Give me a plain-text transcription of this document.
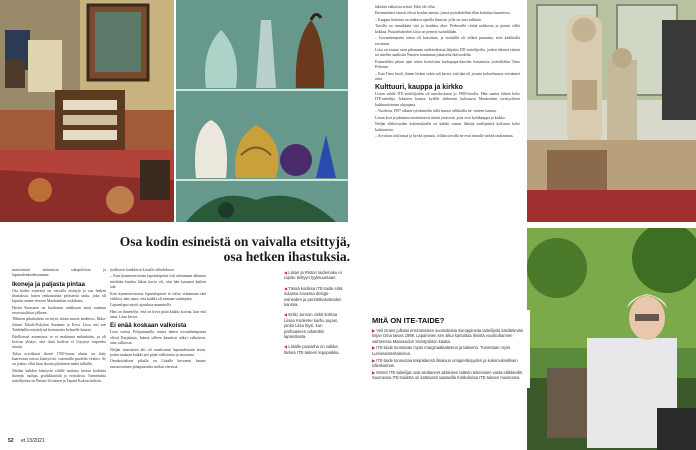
Osa kodin esineistä on vaivalla etsittyjä,
osa hetken ihastuksia.

muistuttaisi aiemmista sukupolvista ja lapsuudenkodeistamme.

Ikoneja ja paljasta pintaa

Osa kodin esineistä on vaivalla etsittyjä ja osa hetken ihastuksia, kuten renkaaranka pelastettu taulu, joka oli kipattu omme viereen Maalaistilan roskiksiin.

Hertta Kuusisen on kuuluisan makkaran siinä rauhaan neuvostoliiton jälkeen.

Tilkkein pikahaluttu on myös taloin suurin taideteos, Ilkka-Juhani Takalo-Eskolan Autumni ja Eeva. Liisa osti sen Taidehallin näyttelystä kertomatta kolmelle kauraa.

Edellisessä asunnossa se ei mahtunut mihinkään, ja oli koivun ylitäye, että tästä kodista ei löytynyt tarpeeksi seinää.

Talon arvokkaat ikonit 1700-luvun alusta on liitty kaarevaan totista käsityöstä, vasemalla puolella veistos. Se on joskus ollut liian ikonia pyhäinten näätä tallailla.

Näiden kahden käsitystä välille mahtuu laveaa kodeista ikoneja, tauluja, grafiikkatöitä ja veistoksia. Tunnetuista taiteilijoista on Raimo Utriaisen ja Tapani Kokon teoksia.

tyräkasvit hankkivat Liisalle olikohdassa.

– Kun kymmenvuotias lapsenlapseni tuli selaamaan albumia mieltään kuinka liikaa kuvia oli, niin hän kannatti kaiken sitä.

Kun kymmenvuotias lapsenlapseni ei tullut selaamaan tätä viikkoa, hän sanoi, että kaikki oli samaan sisäänpäin.

Lapsenlapsi näytti ajatuksia mummolle.

Hän on ihmettelyt, että on hyvä pitää kaikki kotona, kun että asuu. Liisa kertoi.

Ei enää koskaan valkoista

Liisa varttui Pohjanmaalla, mutta hänen isovanhempansa olivat Karjalasta. Isänsä silleen kauniisti näkyi valkoinen, aina valkoisia.

Neljän sisaruksen äiti oli omaksunut lapsuudestaan tavan, jonka mukaan kaikki piti pitää valkoisena ja tasaisena.

Omakotitaloon pihalla on Liisalle kasvanut kaunis runsasvarinen pihapuutarha mökin vieressä.

◀ Liisan ja Riston taidemaku ei rajoitu tiettyyn tyylisuuntaan.

◀ Tässä kodissa ITE-taide elää sulassa sovussa design-esineiden ja perintökalusteiden kanssa.

◀ Erkki Junnon vinkit kohtaa Liisan Kooketer karhu pupun, jonka Liisa löysi, kun parhaaseen odotettiin lapsenlasta.

◀ Liisalle puutarha on vaikka tärkeä ITE-taiteen lepopaikka.

läksään valkoisia seiniä. Eikä ole ollut.

Ensimmäiset tanssit olivat koulun tanssit, joissa pyörähdeltiin illan kuluttua huoneessa.

– Kauppa hoitoina on mukava ajatella ihmisiä, jolla on oma tulkinta.

Toisilla on rinnakkain sitä ja hoidettu alue. Perhoselle riittää nokkosia ja pientä villiä kukkaa. Puutarhatiedon Liisa on perinyt isoäidiltään.

– Isovanhempaini taitoa oli kasvattaa, ja isoäitillä oli selkeä puutarha, ettei kaikkialla tarvinnut.

Liisa on saanut osan pihamaan taideteoksista lahjaksi ITE-taiteilijoilta, joiden tekemä ryhmä toi mieliin saaliisiin Naisten toiminnan jokaiselta ikävuodelta.

Esimerkiksi pihan ajan setiin kertoisista karhupupa-kasvien hoitamista ystävältäkin Timo Peltosen.

– Kun Timo kuoli, hänen lesken sekin tuli kertoi, että hän oli jossain kokoelmassa veistäneet niitä.

Kulttuuri, kauppa ja kirkko

Liisan suhde ITE-taiteilijoihin oli muodostunut jo 1980-luvulla. Hän saattoi lähteä koko ITE-taiteilija Jokaisen kanssa kylälle alakerran kulttuuria Maaseudun sivistysliiton kulttuuritoimen ohjaajana.

– Vuodesta 1997 alkaen työskentelin tällä marssi selkkailla tie- taiteen kanssa.

Liisan koti ja pihamaa muistuttavat näistä ystävistä, joita ovat kyläkauppa ja kirkko.

Neljän eläkevuoden kokemuksella on kaikki saanut lähtöjä mielipiteitä kulttuuri koko kulttuurista.

– Arvostan tätä hutua ja hyvää ajatusta. Jollain tavalla ne ovat minulle tärkeä rauhanmaa.

MItÄ ON ITE-TAIDE?

▶ Veli Granö julkaisi ensimmäisen suomalaista itseoppineita taiteilijoita käsittelevän kirjan Oma taivas 1989. Lapaminen sen alkoi kartoittaa ilmiötä vuosituhannen vaihteessa Maaseudun Sivistysliiton kautta.

▶ ITE-taide tunnetaan myös marginaalitaiteena ja taiteena. Tunnetaan myös Lumimaisteritaiteena.

▶ ITE-taide tunnustaa tekijöidensä ilmaisun omaperäisyyden ja kokemuksellisen näkökulman.

▶ Monet ITE-taiteilijat ovat aloittaneet aktiivisen taiteen tekemisen vasta eläkkeellä. Suomessa ITE-taidetta on kattavasti saatavilla Kokkolassa ITE-taiteen museossa.

52 et 13/2021
